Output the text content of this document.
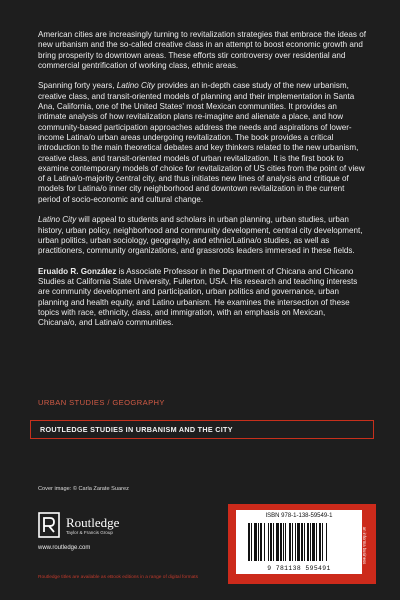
American cities are increasingly turning to revitalization strategies that embrace the ideas of new urbanism and the so-called creative class in an attempt to boost economic growth and bring prosperity to downtown areas. These efforts stir controversy over residential and commercial gentrification of working class, ethnic areas.

Spanning forty years, Latino City provides an in-depth case study of the new urbanism, creative class, and transit-oriented models of planning and their implementation in Santa Ana, California, one of the United States' most Mexican communities. It provides an intimate analysis of how revitalization plans re-imagine and alienate a place, and how community-based participation approaches address the needs and aspirations of lower-income Latina/o urban areas undergoing revitalization. The book provides a critical introduction to the main theoretical debates and key thinkers related to the new urbanism, creative class, and transit-oriented models of urban revitalization. It is the first book to examine contemporary models of choice for revitalization of US cities from the point of view of a Latina/o-majority central city, and thus initiates new lines of analysis and critique of models for Latina/o inner city neighborhood and downtown revitalization in the current period of socio-economic and cultural change.

Latino City will appeal to students and scholars in urban planning, urban studies, urban history, urban policy, neighborhood and community development, central city development, urban politics, urban sociology, geography, and ethnic/Latina/o studies, as well as practitioners, community organizations, and grassroots leaders immersed in these fields.

Erualdo R. González is Associate Professor in the Department of Chicana and Chicano Studies at California State University, Fullerton, USA. His research and teaching interests are community development and participation, urban politics and governance, urban planning and health equity, and Latino urbanism. He examines the intersection of these topics with race, ethnicity, class, and immigration, with an emphasis on Mexican, Chicana/o, and Latina/o communities.

URBAN STUDIES / GEOGRAPHY
ROUTLEDGE STUDIES IN URBANISM AND THE CITY
Cover image: © Carla Zarate Suarez
Routledge
Taylor & Francis Group
www.routledge.com
Routledge titles are available as eBook editions in a range of digital formats
ISBN 978-1-138-59549-1
9 781138 595491
an informa business
